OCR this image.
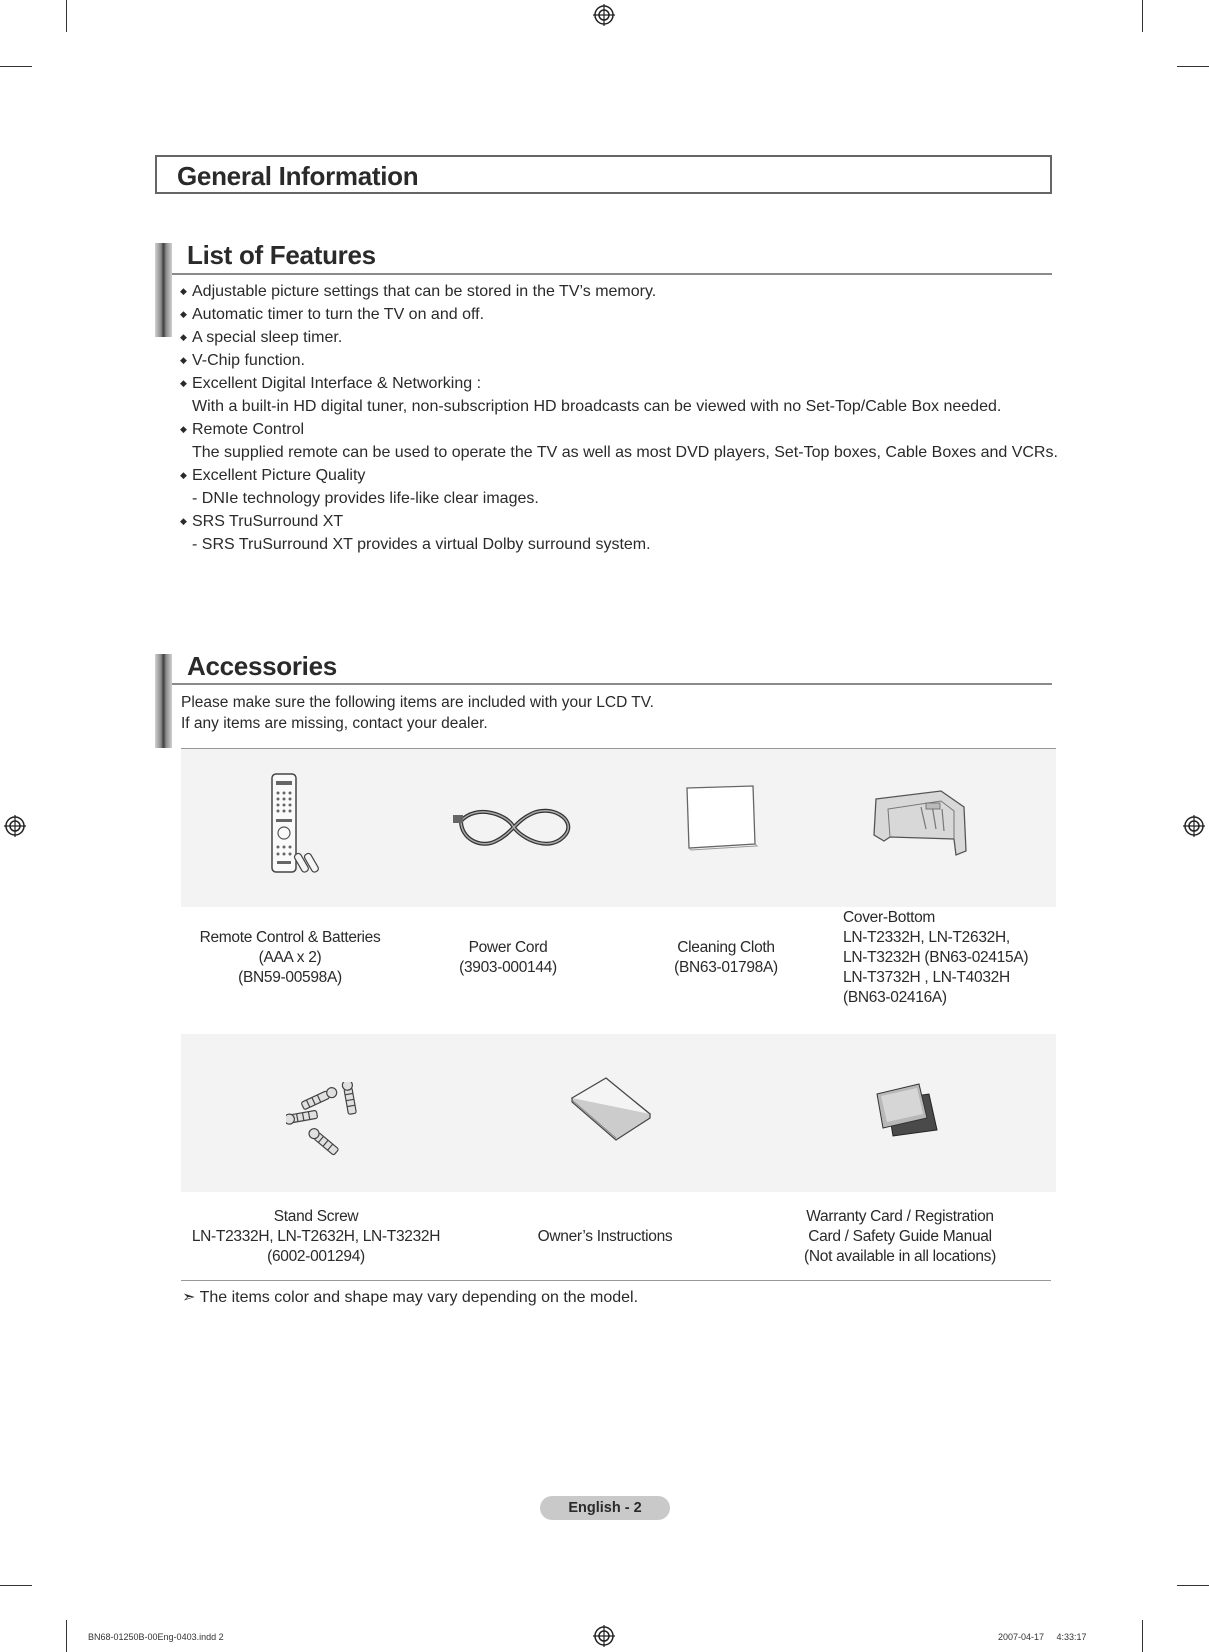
General Information
List of Features
◆ Adjustable picture settings that can be stored in the TV’s memory.
◆ Automatic timer to turn the TV on and off.
◆ A special sleep timer.
◆ V-Chip function.
◆ Excellent Digital Interface & Networking :
With a built-in HD digital tuner, non-subscription HD broadcasts can be viewed with no Set-Top/Cable Box needed.
◆ Remote Control
The supplied remote can be used to operate the TV as well as most DVD players, Set-Top boxes, Cable Boxes and VCRs.
◆ Excellent Picture Quality
- DNIe technology provides life-like clear images.
◆ SRS TruSurround XT
- SRS TruSurround XT provides a virtual Dolby surround system.
Accessories
Please make sure the following items are included with your LCD TV.
If any items are missing, contact your dealer.
Remote Control & Batteries
(AAA x 2)
(BN59-00598A)
Power Cord
(3903-000144)
Cleaning Cloth
(BN63-01798A)
Cover-Bottom
LN-T2332H, LN-T2632H,
LN-T3232H (BN63-02415A)
LN-T3732H , LN-T4032H
(BN63-02416A)
Stand Screw
LN-T2332H, LN-T2632H, LN-T3232H
(6002-001294)
Owner’s Instructions
Warranty Card / Registration
Card / Safety Guide Manual
(Not available in all locations)
➣ The items color and shape may vary depending on the model.
English - 2
BN68-01250B-00Eng-0403.indd 2	2007-04-17     4:33:17
